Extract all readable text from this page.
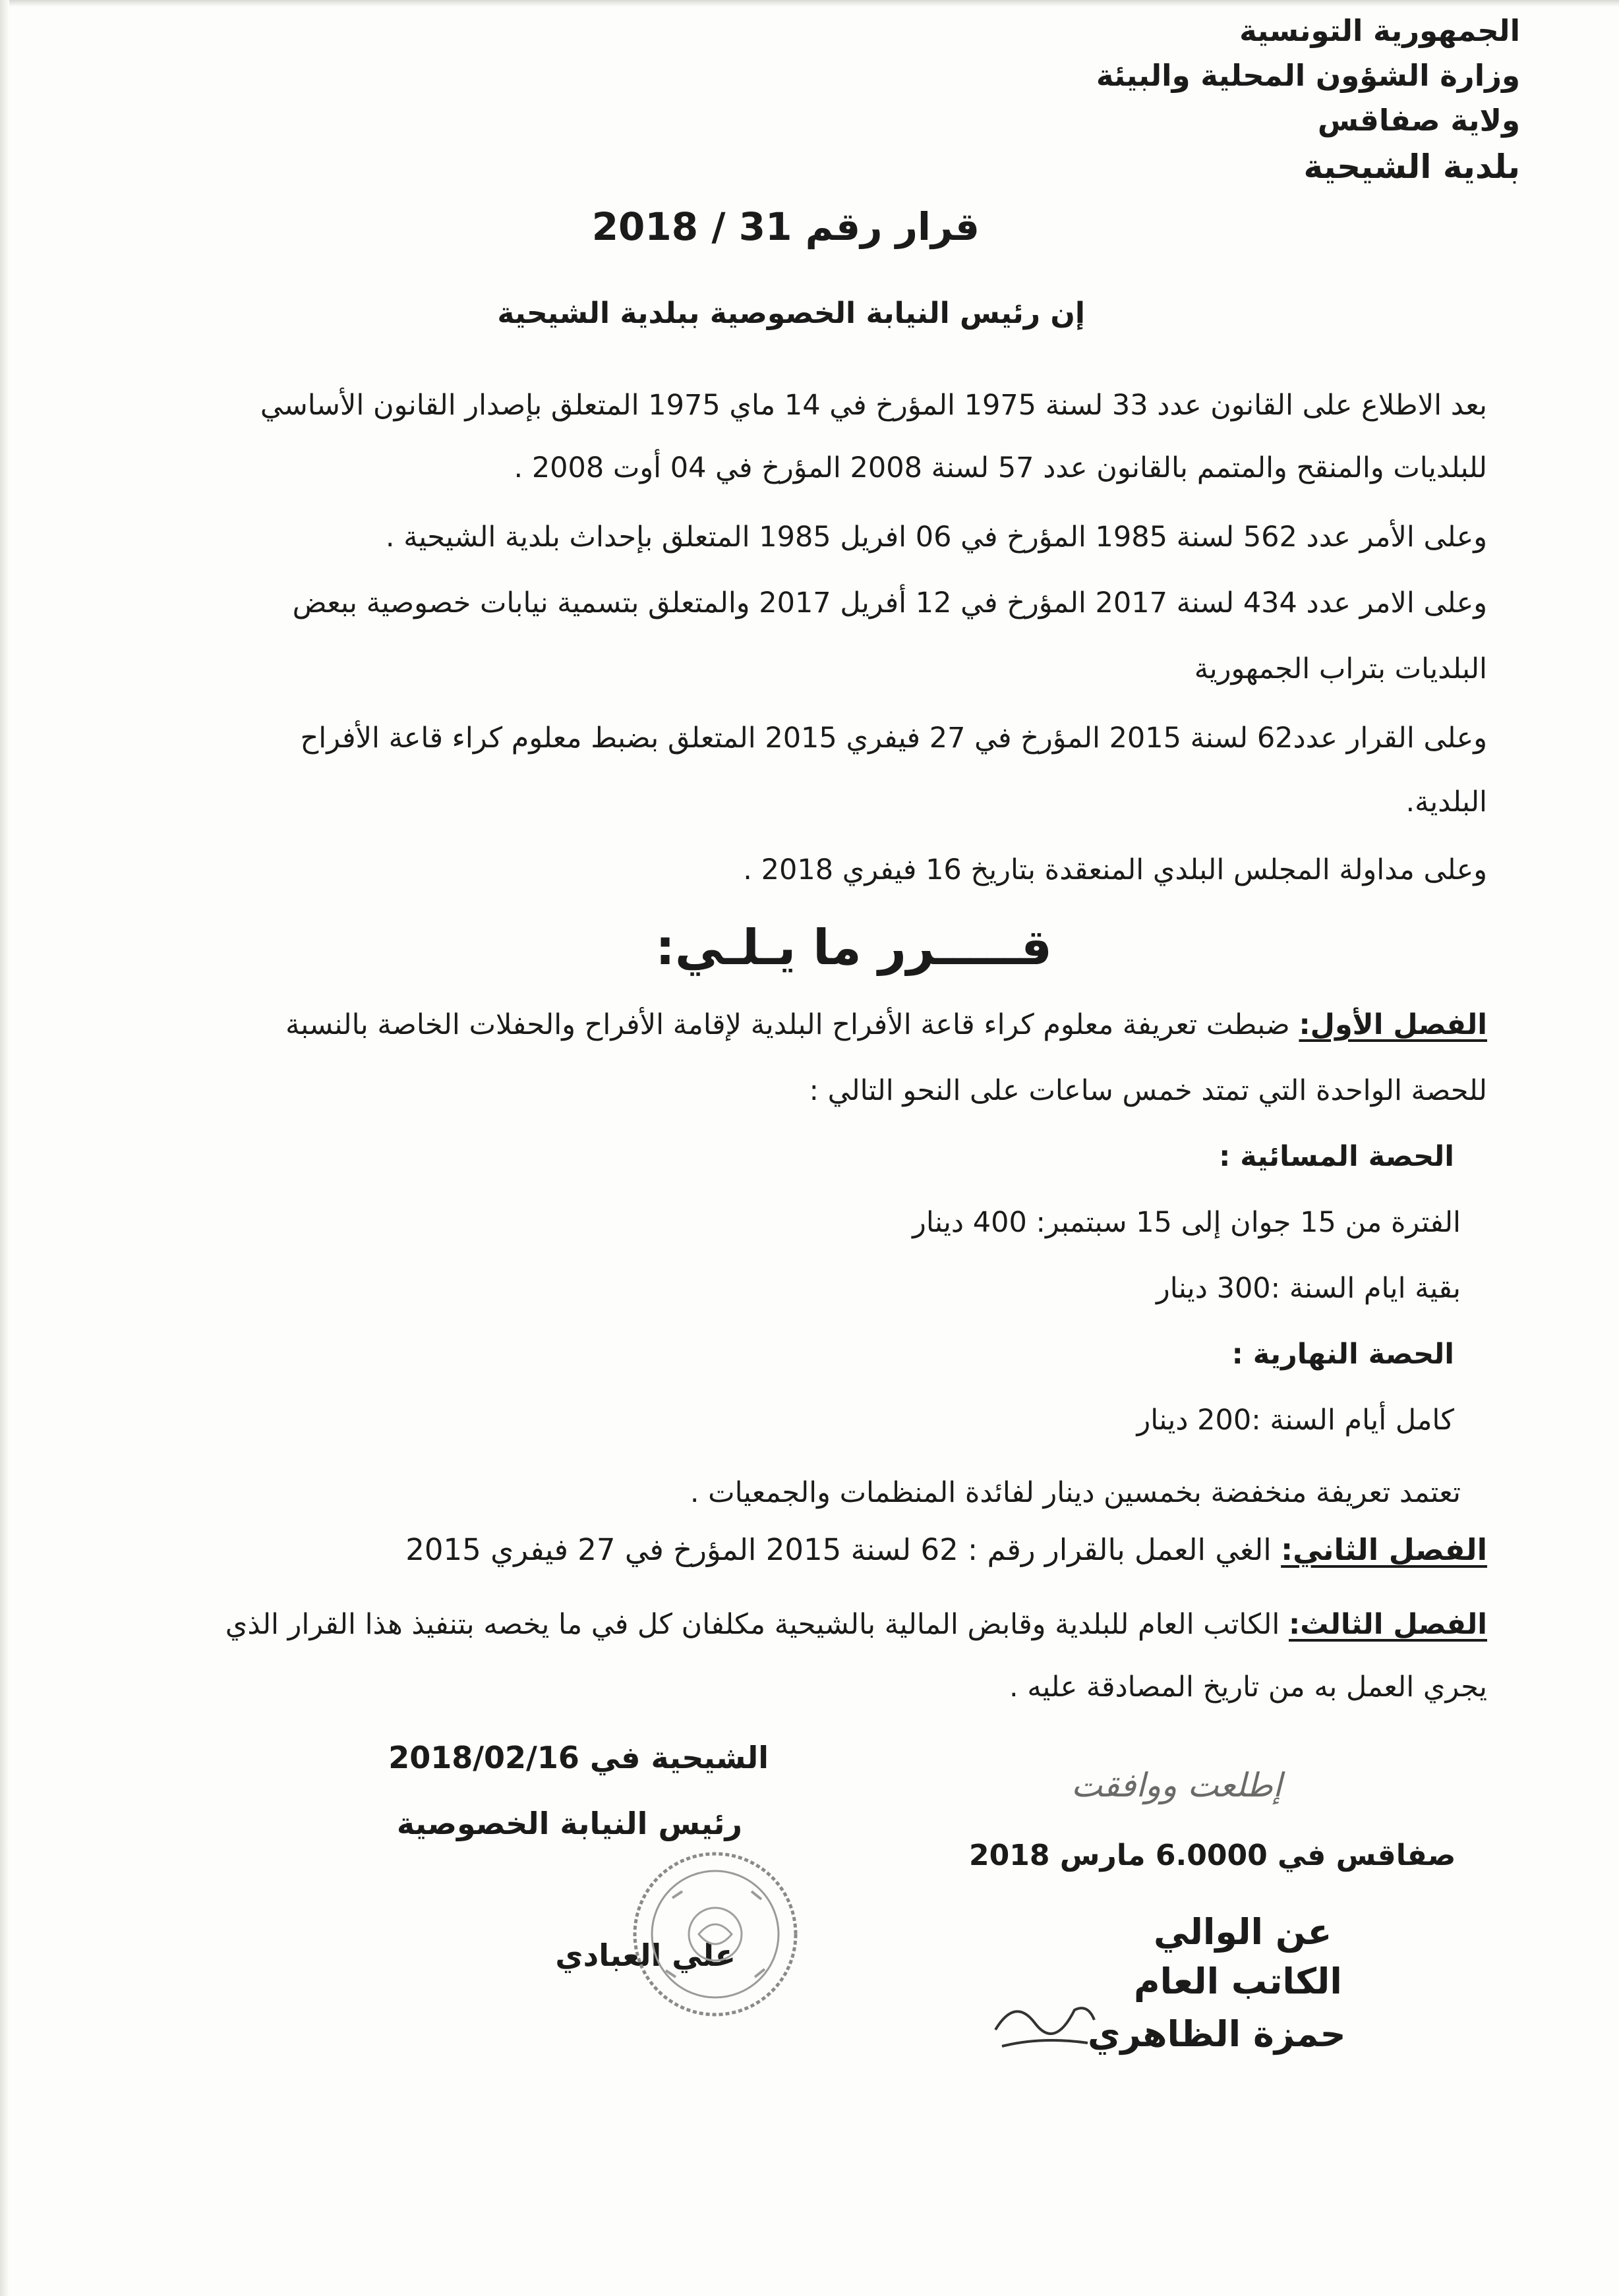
الجمهورية التونسية
وزارة الشؤون المحلية والبيئة
ولاية صفاقس
بلدية الشيحية
قرار رقم 31 / 2018
إن رئيس النيابة الخصوصية ببلدية الشيحية
بعد الاطلاع على القانون عدد 33 لسنة 1975 المؤرخ في 14 ماي 1975 المتعلق بإصدار القانون الأساسي
للبلديات والمنقح والمتمم بالقانون عدد 57 لسنة 2008 المؤرخ في 04 أوت 2008 .
وعلى الأمر عدد 562 لسنة 1985 المؤرخ في 06 افريل 1985 المتعلق بإحداث بلدية الشيحية .
وعلى الامر عدد 434 لسنة 2017 المؤرخ في 12 أفريل 2017 والمتعلق بتسمية نيابات خصوصية ببعض
البلديات بتراب الجمهورية
وعلى القرار عدد62 لسنة 2015 المؤرخ في 27 فيفري 2015 المتعلق بضبط معلوم كراء قاعة الأفراح
البلدية.
وعلى مداولة المجلس البلدي المنعقدة بتاريخ 16 فيفري 2018 .
قـــــرر ما يـلـي:
الفصل الأول: ضبطت تعريفة معلوم كراء قاعة الأفراح البلدية لإقامة الأفراح والحفلات الخاصة بالنسبة
للحصة الواحدة التي تمتد خمس ساعات على النحو التالي :
الحصة المسائية :
الفترة من 15 جوان إلى 15 سبتمبر: 400 دينار
بقية ايام السنة :300 دينار
الحصة النهارية :
كامل أيام السنة :200 دينار
تعتمد تعريفة منخفضة بخمسين دينار لفائدة المنظمات والجمعيات .
الفصل الثاني: الغي العمل بالقرار رقم : 62 لسنة 2015 المؤرخ في 27 فيفري 2015
الفصل الثالث: الكاتب العام للبلدية وقابض المالية بالشيحية مكلفان كل في ما يخصه بتنفيذ هذا القرار الذي
يجري العمل به من تاريخ المصادقة عليه .
الشيحية في 2018/02/16
رئيس النيابة الخصوصية
علي العبادي
إطلعت ووافقت
صفاقس في 6.0000 مارس 2018
عن الوالي
الكاتب العام
حمزة الظاهري
